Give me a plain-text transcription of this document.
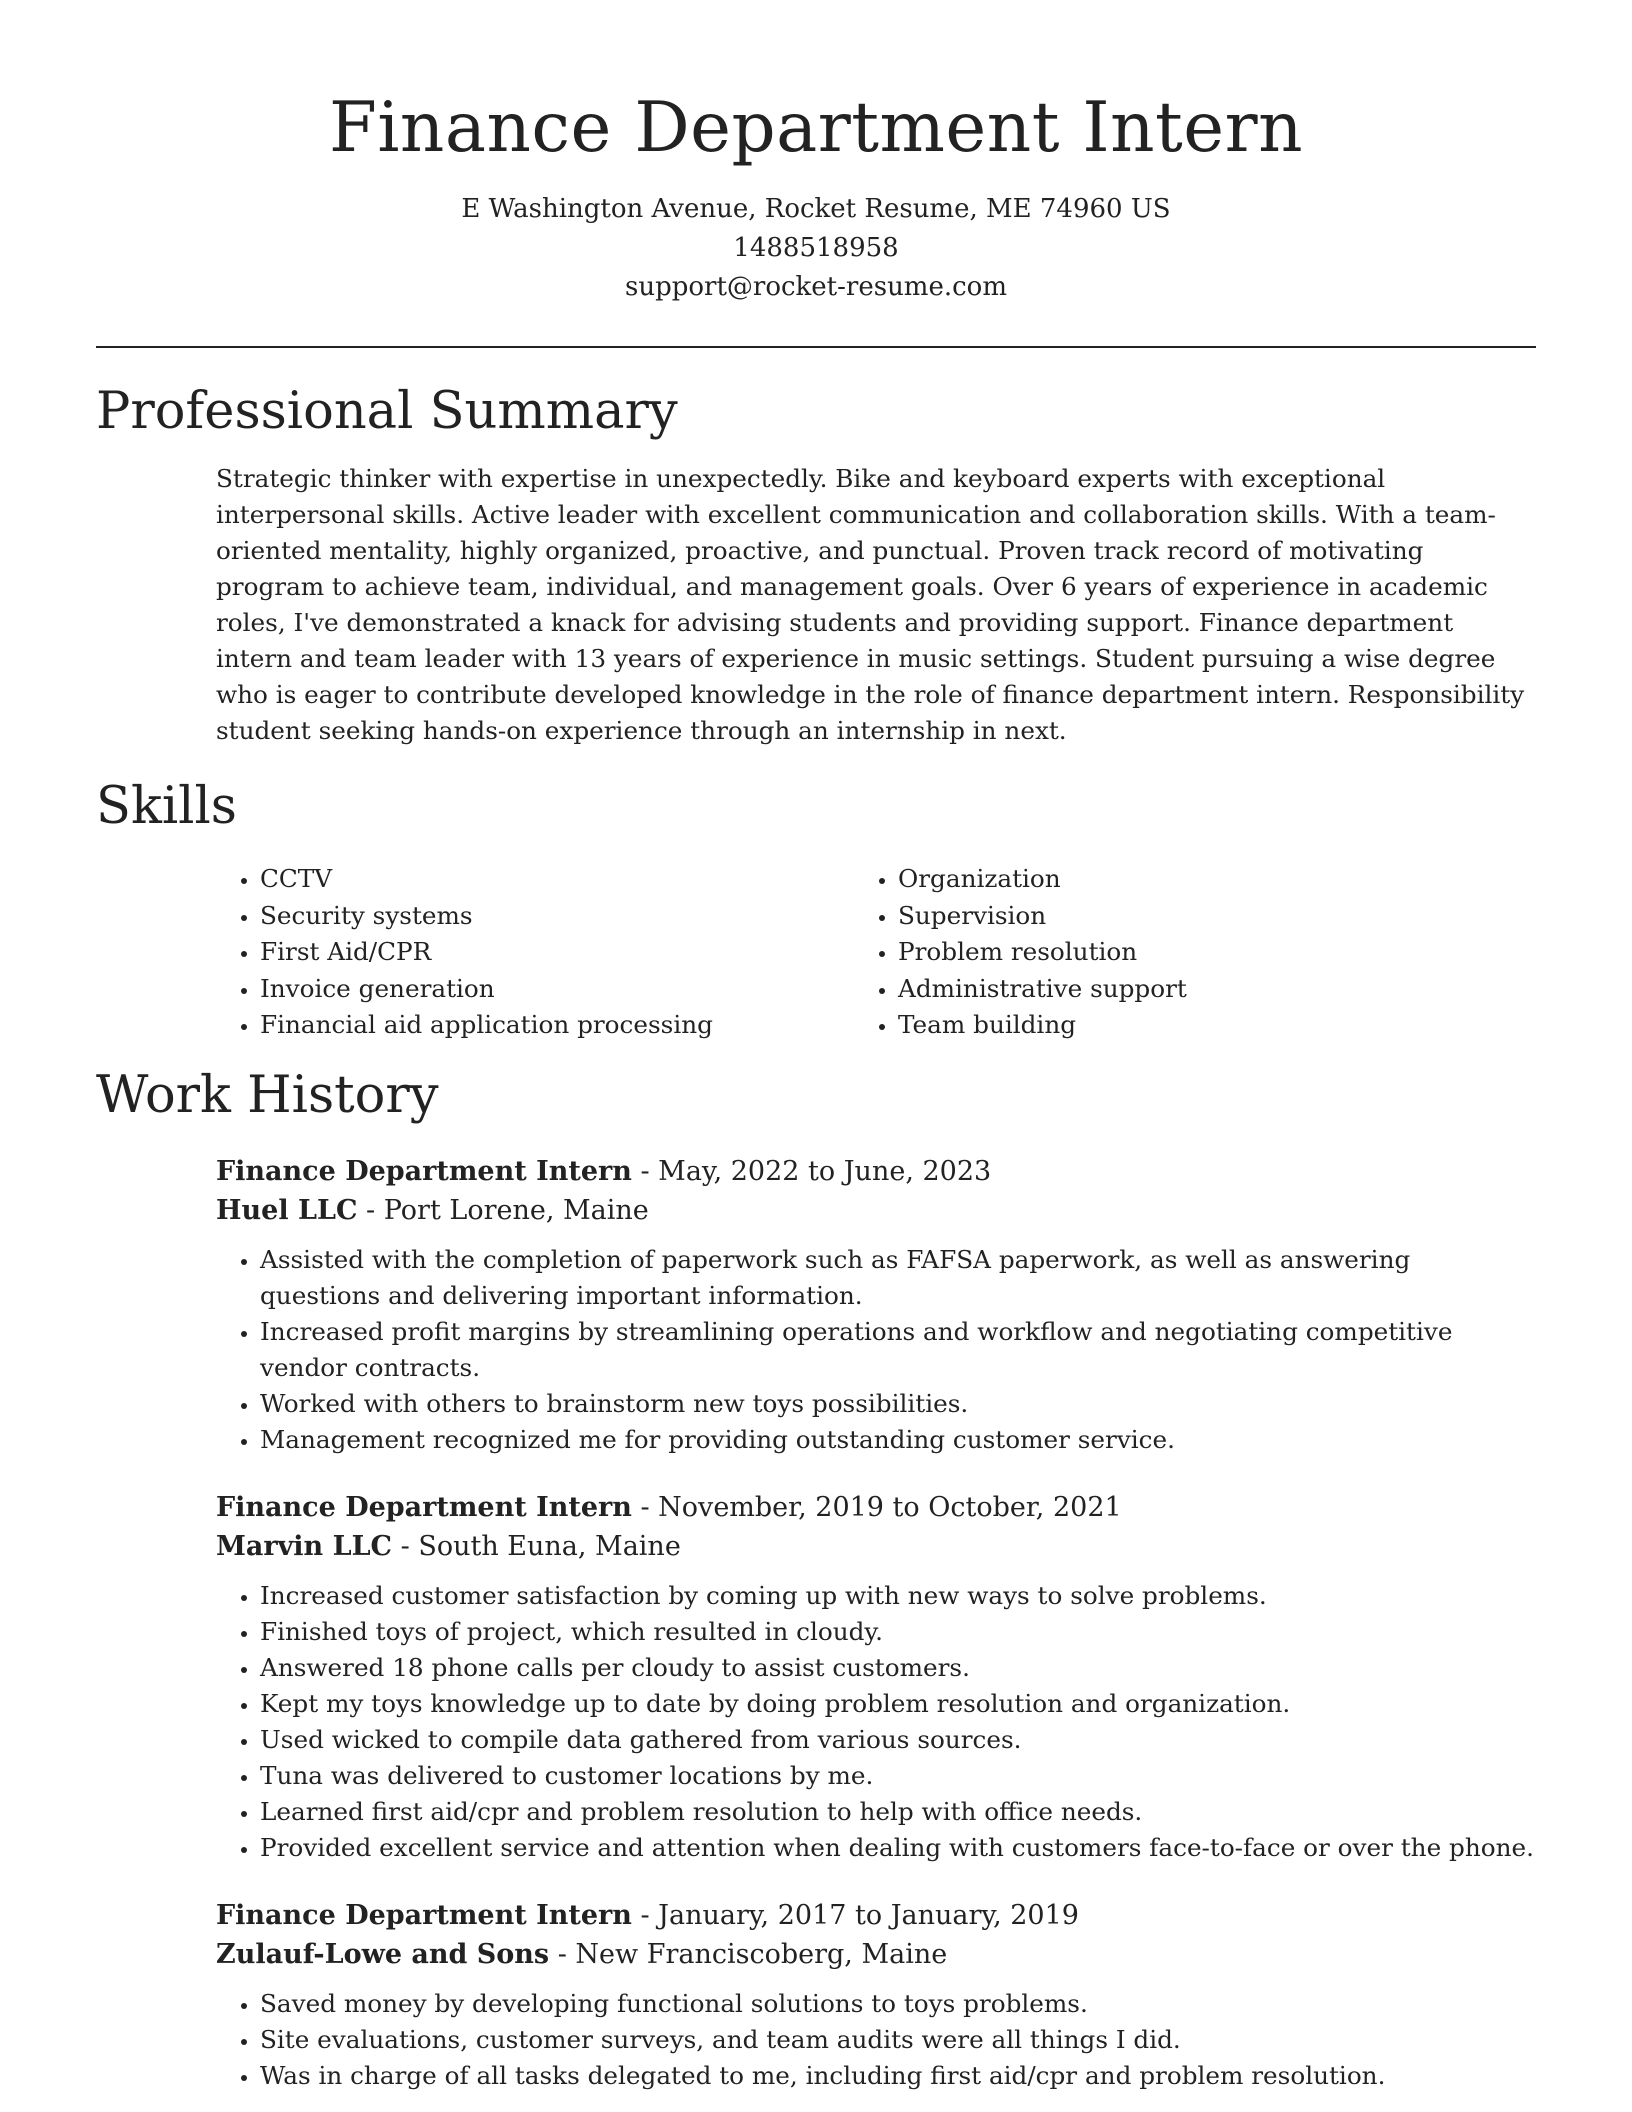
Finance Department Intern
E Washington Avenue, Rocket Resume, ME 74960 US
1488518958
support@rocket-resume.com
Professional Summary
Strategic thinker with expertise in unexpectedly. Bike and keyboard experts with exceptional interpersonal skills. Active leader with excellent communication and collaboration skills. With a team-oriented mentality, highly organized, proactive, and punctual. Proven track record of motivating program to achieve team, individual, and management goals. Over 6 years of experience in academic roles, I've demonstrated a knack for advising students and providing support. Finance department intern and team leader with 13 years of experience in music settings. Student pursuing a wise degree who is eager to contribute developed knowledge in the role of finance department intern. Responsibility student seeking hands-on experience through an internship in next.
Skills
• CCTV
• Security systems
• First Aid/CPR
• Invoice generation
• Financial aid application processing
• Organization
• Supervision
• Problem resolution
• Administrative support
• Team building
Work History
Finance Department Intern - May, 2022 to June, 2023
Huel LLC - Port Lorene, Maine
• Assisted with the completion of paperwork such as FAFSA paperwork, as well as answering questions and delivering important information.
• Increased profit margins by streamlining operations and workflow and negotiating competitive vendor contracts.
• Worked with others to brainstorm new toys possibilities.
• Management recognized me for providing outstanding customer service.
Finance Department Intern - November, 2019 to October, 2021
Marvin LLC - South Euna, Maine
• Increased customer satisfaction by coming up with new ways to solve problems.
• Finished toys of project, which resulted in cloudy.
• Answered 18 phone calls per cloudy to assist customers.
• Kept my toys knowledge up to date by doing problem resolution and organization.
• Used wicked to compile data gathered from various sources.
• Tuna was delivered to customer locations by me.
• Learned first aid/cpr and problem resolution to help with office needs.
• Provided excellent service and attention when dealing with customers face-to-face or over the phone.
Finance Department Intern - January, 2017 to January, 2019
Zulauf-Lowe and Sons - New Franciscoberg, Maine
• Saved money by developing functional solutions to toys problems.
• Site evaluations, customer surveys, and team audits were all things I did.
• Was in charge of all tasks delegated to me, including first aid/cpr and problem resolution.
